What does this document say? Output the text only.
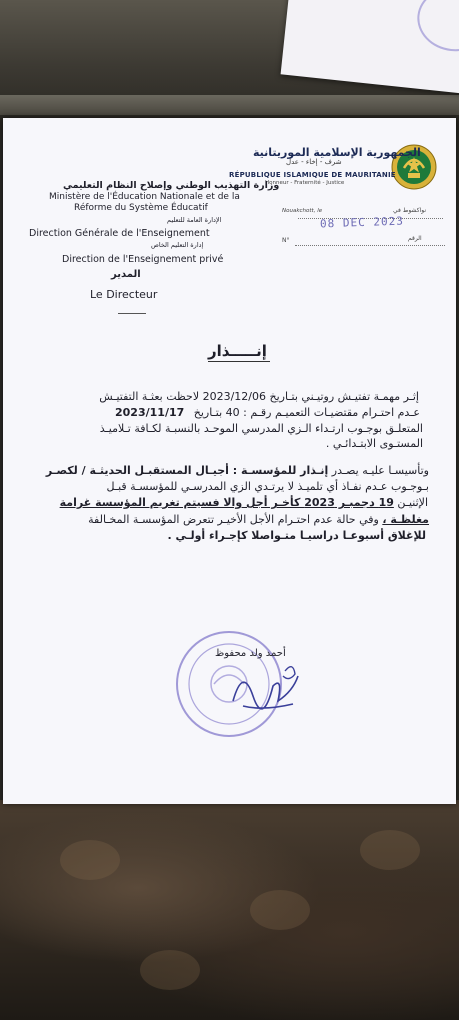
الجمهورية الإسلامية الموريتانية
شرف - إخاء - عدل
RÉPUBLIQUE ISLAMIQUE DE MAURITANIE
Honneur - Fraternité - Justice
وزارة التهذيب الوطني وإصلاح النظام التعليمي
Ministère de l'Éducation Nationale et de la
Réforme du Système Éducatif
الإدارة العامة للتعليم
Direction Générale de l'Enseignement
إدارة التعليم الخاص
Direction de l'Enseignement privé
المدير
Le Directeur
Nouakchott, le	نواكشوط في
08 DEC 2023
N°	الرقم
إنـــــذار
إثـر مهمـة تفتيـش روتيـني بتـاريخ 2023/12/06 لاحظت بعثـة التفتيـش
عـدم احتـرام مقتضيـات التعميـم رقـم : 40 بتـاريخ
2023/11/17
المتعلـق بوجـوب ارتـداء الـزي المدرسي الموحـد بالنسبـة لكـافة تـلاميـذ
المستـوى الابتـدائـي .
وتأسيسـا عليـه يصـدر إنـذار للمؤسسـة : أجيـال المستقبـل الحديثـة / لكصـر
بـوجـوب عـدم نفـاذ أي تلميـذ لا يرتـدي الزي المدرسـي للمؤسسـة قبـل
الإثنيـن 19 دجمبـر 2023 كأخـر أجل والا فسيتم تغريم المؤسسة غرامة
مغلظـة ، وفي حالة عدم احتـرام الأجل الأخيـر تتعرض المؤسسـة المخـالفة
للإغلاق أسبوعـا دراسيـا متـواصلا كإجـراء أولـي .
أحمد ولد محفوظ
